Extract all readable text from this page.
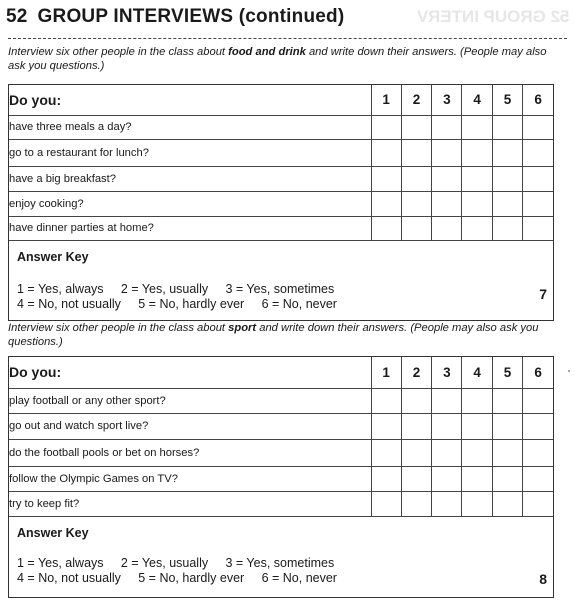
52 GROUP INTERVIEWS (continued)	52 GROUP INTERV
Interview six other people in the class about food and drink and write down their answers. (People may also ask you questions.)
Do you:	1	2	3	4	5	6
have three meals a day?						
go to a restaurant for lunch?						
have a big breakfast?						
enjoy cooking?						
have dinner parties at home?						
Answer Key
1 = Yes, always     2 = Yes, usually     3 = Yes, sometimes
4 = No, not usually     5 = No, hardly ever     6 = No, never
7
Interview six other people in the class about sport and write down their answers. (People may also ask you questions.)
Do you:	1	2	3	4	5	6
play football or any other sport?						
go out and watch sport live?						
do the football pools or bet on horses?						
follow the Olympic Games on TV?						
try to keep fit?						
Answer Key
1 = Yes, always     2 = Yes, usually     3 = Yes, sometimes
4 = No, not usually     5 = No, hardly ever     6 = No, never	8
